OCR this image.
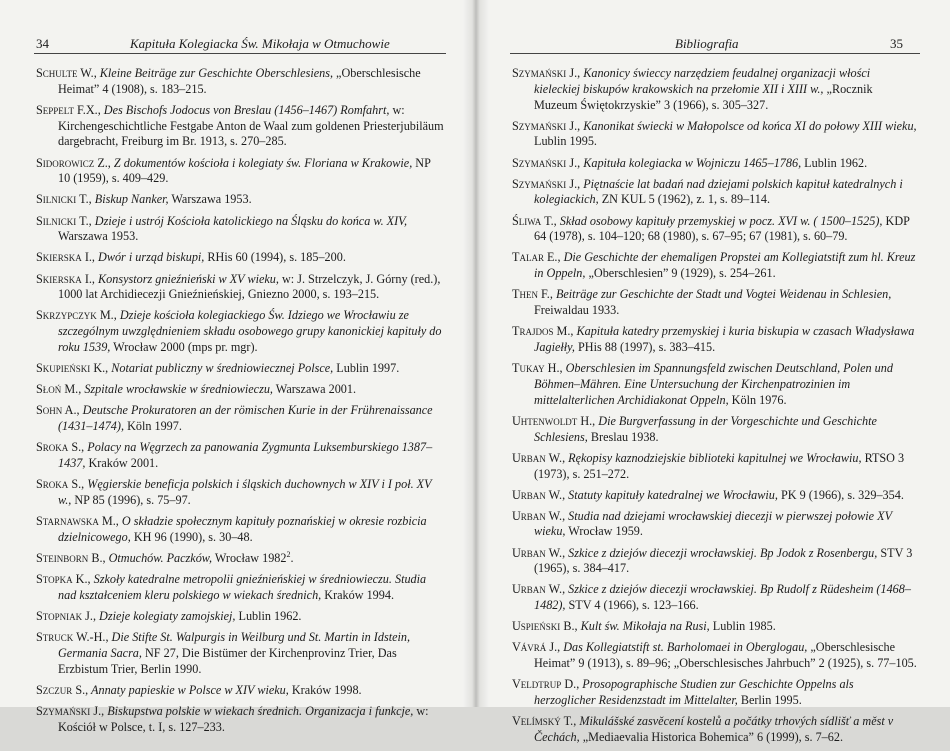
34	Kapituła Kolegiacka Św. Mikołaja w Otmuchowie
Schulte W., Kleine Beiträge zur Geschichte Oberschlesiens, „Oberschlesische Heimat” 4 (1908), s. 183–215.
Seppelt F.X., Des Bischofs Jodocus von Breslau (1456–1467) Romfahrt, w: Kirchengeschichtliche Festgabe Anton de Waal zum goldenen Priesterjubiläum dargebracht, Freiburg im Br. 1913, s. 270–285.
Sidorowicz Z., Z dokumentów kościoła i kolegiaty św. Floriana w Krakowie, NP 10 (1959), s. 409–429.
Silnicki T., Biskup Nanker, Warszawa 1953.
Silnicki T., Dzieje i ustrój Kościoła katolickiego na Śląsku do końca w. XIV, Warszawa 1953.
Skierska I., Dwór i urząd biskupi, RHis 60 (1994), s. 185–200.
Skierska I., Konsystorz gnieźnieński w XV wieku, w: J. Strzelczyk, J. Górny (red.), 1000 lat Archidiecezji Gnieźnieńskiej, Gniezno 2000, s. 193–215.
Skrzypczyk M., Dzieje kościoła kolegiackiego Św. Idziego we Wrocławiu ze szczególnym uwzględnieniem składu osobowego grupy kanonickiej kapituły do roku 1539, Wrocław 2000 (mps pr. mgr).
Skupieński K., Notariat publiczny w średniowiecznej Polsce, Lublin 1997.
Słoń M., Szpitale wrocławskie w średniowieczu, Warszawa 2001.
Sohn A., Deutsche Prokuratoren an der römischen Kurie in der Frührenaissance (1431–1474), Köln 1997.
Sroka S., Polacy na Węgrzech za panowania Zygmunta Luksemburskiego 1387–1437, Kraków 2001.
Sroka S., Węgierskie beneficja polskich i śląskich duchownych w XIV i I poł. XV w., NP 85 (1996), s. 75–97.
Starnawska M., O składzie społecznym kapituły poznańskiej w okresie rozbicia dzielnicowego, KH 96 (1990), s. 30–48.
Steinborn B., Otmuchów. Paczków, Wrocław 1982$^2$.
Stopka K., Szkoły katedralne metropolii gnieźnieńskiej w średniowieczu. Studia nad kształceniem kleru polskiego w wiekach średnich, Kraków 1994.
Stopniak J., Dzieje kolegiaty zamojskiej, Lublin 1962.
Struck W.-H., Die Stifte St. Walpurgis in Weilburg und St. Martin in Idstein, Germania Sacra, NF 27, Die Bistümer der Kirchenprovinz Trier, Das Erzbistum Trier, Berlin 1990.
Szczur S., Annaty papieskie w Polsce w XIV wieku, Kraków 1998.
Szymański J., Biskupstwa polskie w wiekach średnich. Organizacja i funkcje, w: Kościół w Polsce, t. I, s. 127–233.
Bibliografia	35
Szymański J., Kanonicy świeccy narzędziem feudalnej organizacji włości kieleckiej biskupów krakowskich na przełomie XII i XIII w., „Rocznik Muzeum Świętokrzyskie” 3 (1966), s. 305–327.
Szymański J., Kanonikat świecki w Małopolsce od końca XI do połowy XIII wieku, Lublin 1995.
Szymański J., Kapituła kolegiacka w Wojniczu 1465–1786, Lublin 1962.
Szymański J., Piętnaście lat badań nad dziejami polskich kapituł katedralnych i kolegiackich, ZN KUL 5 (1962), z. 1, s. 89–114.
Śliwa T., Skład osobowy kapituły przemyskiej w pocz. XVI w. ( 1500–1525), KDP 64 (1978), s. 104–120; 68 (1980), s. 67–95; 67 (1981), s. 60–79.
Talar E., Die Geschichte der ehemaligen Propstei am Kollegiatstift zum hl. Kreuz in Oppeln, „Oberschlesien” 9 (1929), s. 254–261.
Then F., Beiträge zur Geschichte der Stadt und Vogtei Weidenau in Schlesien, Freiwaldau 1933.
Trajdos M., Kapituła katedry przemyskiej i kuria biskupia w czasach Władysława Jagiełły, PHis 88 (1997), s. 383–415.
Tukay H., Oberschlesien im Spannungsfeld zwischen Deutschland, Polen und Böhmen–Mähren. Eine Untersuchung der Kirchenpatrozinien im mittelalterlichen Archidiakonat Oppeln, Köln 1976.
Uhtenwoldt H., Die Burgverfassung in der Vorgeschichte und Geschichte Schlesiens, Breslau 1938.
Urban W., Rękopisy kaznodziejskie biblioteki kapitulnej we Wrocławiu, RTSO 3 (1973), s. 251–272.
Urban W., Statuty kapituły katedralnej we Wrocławiu, PK 9 (1966), s. 329–354.
Urban W., Studia nad dziejami wrocławskiej diecezji w pierwszej połowie XV wieku, Wrocław 1959.
Urban W., Szkice z dziejów diecezji wrocławskiej. Bp Jodok z Rosenbergu, STV 3 (1965), s. 384–417.
Urban W., Szkice z dziejów diecezji wrocławskiej. Bp Rudolf z Rüdesheim (1468–1482), STV 4 (1966), s. 123–166.
Uspieński B., Kult św. Mikołaja na Rusi, Lublin 1985.
Vávrá J., Das Kollegiatstift st. Barholomaei in Oberglogau, „Oberschlesische Heimat” 9 (1913), s. 89–96; „Oberschlesisches Jahrbuch” 2 (1925), s. 77–105.
Veldtrup D., Prosopographische Studien zur Geschichte Oppelns als herzoglicher Residenzstadt im Mittelalter, Berlin 1995.
Velímský T., Mikulášské zasvěcení kostelů a počátky trhových sídlišť a měst v Čechách, „Mediaevalia Historica Bohemica” 6 (1999), s. 7–62.
